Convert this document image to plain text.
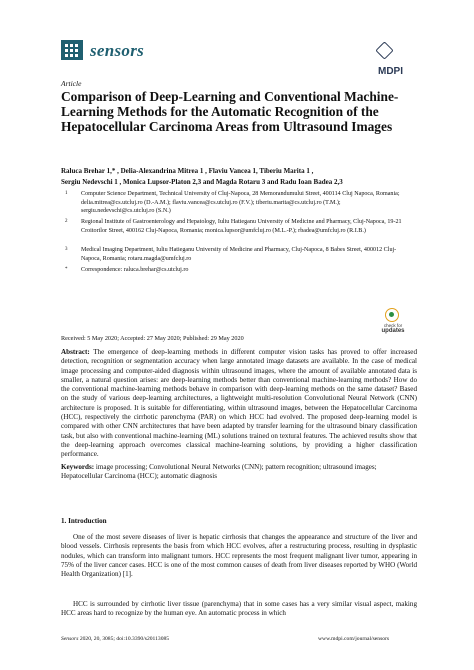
sensors
MDPI
Article
Comparison of Deep-Learning and Conventional Machine-Learning Methods for the Automatic Recognition of the Hepatocellular Carcinoma Areas from Ultrasound Images
Raluca Brehar 1,* , Delia-Alexandrina Mitrea 1 , Flaviu Vancea 1, Tiberiu Marita 1 ,
Sergiu Nedevschi 1 , Monica Lupsor-Platon 2,3 and Magda Rotaru 3 and Radu Ioan Badea 2,3
1 Computer Science Department, Technical University of Cluj-Napoca, 28 Memorandumului Street, 400114 Cluj Napoca, Romania; delia.mitrea@cs.utcluj.ro (D.-A.M.); flaviu.vancea@cs.utcluj.ro (F.V.); tiberiu.marita@cs.utcluj.ro (T.M.); sergiu.nedevschi@cs.utcluj.ro (S.N.)
2 Regional Institute of Gastroenterology and Hepatology, Iuliu Hatieganu University of Medicine and Pharmacy, Cluj-Napoca, 19-21 Croitorilor Street, 400162 Cluj-Napoca, Romania; monica.lupsor@umfcluj.ro (M.L.-P.); rbadea@umfcluj.ro (R.I.B.)
3 Medical Imaging Department, Iuliu Hatieganu University of Medicine and Pharmacy, Cluj-Napoca, 8 Babes Street, 400012 Cluj-Napoca, Romania; rotaru.magda@umfcluj.ro
* Correspondence: raluca.brehar@cs.utcluj.ro
check for
updates
Received: 5 May 2020; Accepted: 27 May 2020; Published: 29 May 2020
Abstract: The emergence of deep-learning methods in different computer vision tasks has proved to offer increased detection, recognition or segmentation accuracy when large annotated image datasets are available. In the case of medical image processing and computer-aided diagnosis within ultrasound images, where the amount of available annotated data is smaller, a natural question arises: are deep-learning methods better than conventional machine-learning methods? How do the conventional machine-learning methods behave in comparison with deep-learning methods on the same dataset? Based on the study of various deep-learning architectures, a lightweight multi-resolution Convolutional Neural Network (CNN) architecture is proposed. It is suitable for differentiating, within ultrasound images, between the Hepatocellular Carcinoma (HCC), respectively the cirrhotic parenchyma (PAR) on which HCC had evolved. The proposed deep-learning model is compared with other CNN architectures that have been adapted by transfer learning for the ultrasound binary classification task, but also with conventional machine-learning (ML) solutions trained on textural features. The achieved results show that the deep-learning approach overcomes classical machine-learning solutions, by providing a higher classification performance.
Keywords: image processing; Convolutional Neural Networks (CNN); pattern recognition; ultrasound images; Hepatocellular Carcinoma (HCC); automatic diagnosis
1. Introduction
One of the most severe diseases of liver is hepatic cirrhosis that changes the appearance and structure of the liver and blood vessels. Cirrhosis represents the basis from which HCC evolves, after a restructuring process, resulting in dysplastic nodules, which can transform into malignant tumors. HCC represents the most frequent malignant liver tumor, appearing in 75% of the liver cancer cases. HCC is one of the most common causes of death from liver diseases reported by WHO (World Health Organization) [1].
HCC is surrounded by cirrhotic liver tissue (parenchyma) that in some cases has a very similar visual aspect, making HCC areas hard to recognize by the human eye. An automatic process in which
Sensors 2020, 20, 3085; doi:10.3390/s20113085	www.mdpi.com/journal/sensors
